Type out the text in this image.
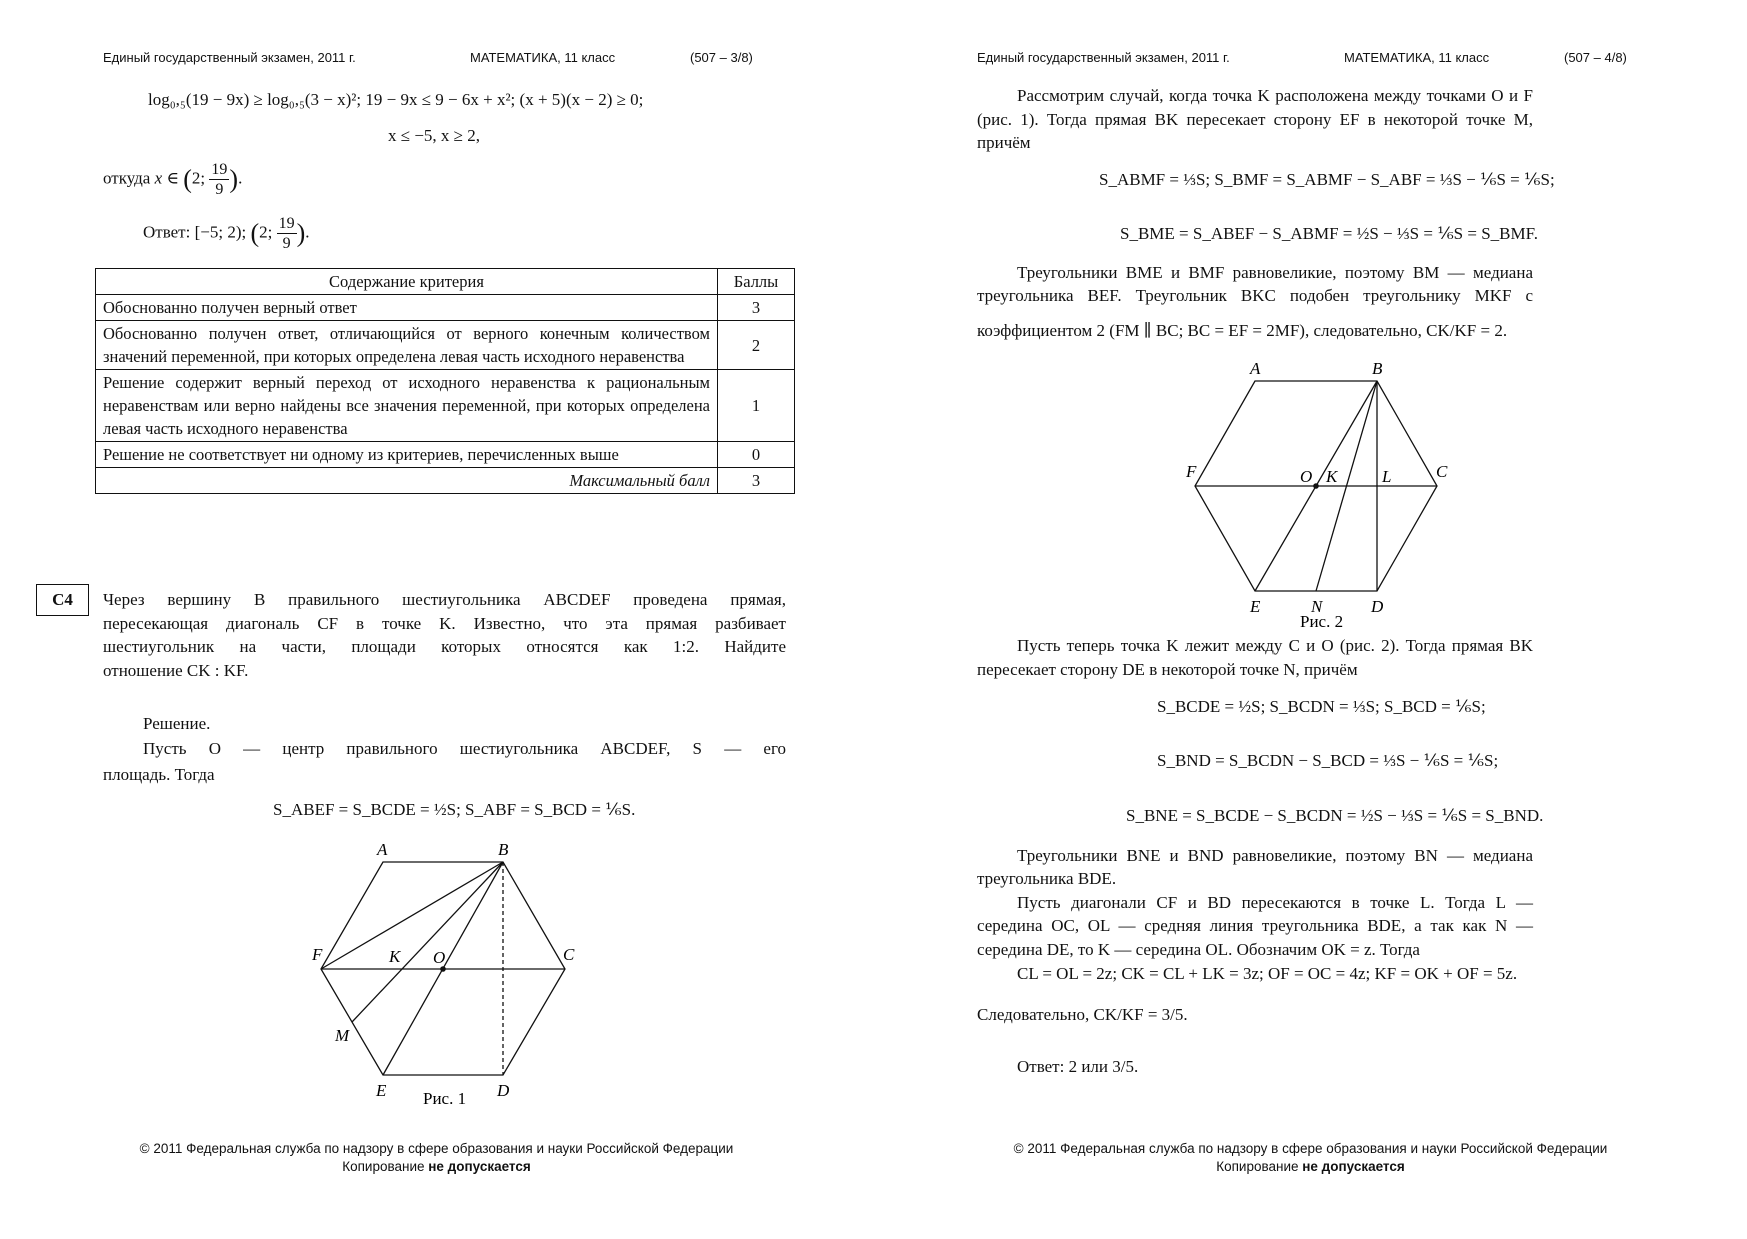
Единый государственный экзамен, 2011 г.	МАТЕМАТИКА, 11 класс	(507 – 3/8)
log₀,₅(19 − 9x) ≥ log₀,₅(3 − x)²; 19 − 9x ≤ 9 − 6x + x²; (x + 5)(x − 2) ≥ 0;
x ≤ −5, x ≥ 2,
откуда x ∈ (2; $\frac{19}{9}$ ).
Ответ: [−5; 2); (2; $\frac{19}{9}$ ).
Содержание критерия	Баллы
Обоснованно получен верный ответ	3
Обоснованно получен ответ, отличающийся от верного конечным количеством значений переменной, при которых определена левая часть исходного неравенства	2
Решение содержит верный переход от исходного неравенства к рациональным неравенствам или верно найдены все значения переменной, при которых определена левая часть исходного неравенства	1
Решение не соответствует ни одному из критериев, перечисленных выше	0
Максимальный балл	3
С4	Через вершину B правильного шестиугольника ABCDEF проведена прямая,
пересекающая диагональ CF в точке K. Известно, что эта прямая разбивает
шестиугольник на части, площади которых относятся как 1:2. Найдите
отношение CK : KF.
Решение.
Пусть O — центр правильного шестиугольника ABCDEF, S — его
площадь. Тогда
S_ABEF = S_BCDE = ½S; S_ABF = S_BCD = ⅙S.
A	B
C
D
E
F	K O
M
Рис. 1
© 2011 Федеральная служба по надзору в сфере образования и науки Российской Федерации
Копирование не допускается
Единый государственный экзамен, 2011 г.	МАТЕМАТИКА, 11 класс	(507 – 4/8)
Рассмотрим случай, когда точка K расположена между точками O и F
(рис. 1). Тогда прямая BK пересекает сторону EF в некоторой точке M,
причём
S_ABMF = ⅓S; S_BMF = S_ABMF − S_ABF = ⅓S − ⅙S = ⅙S;
S_BME = S_ABEF − S_ABMF = ½S − ⅓S = ⅙S = S_BMF.
Треугольники BME и BMF равновеликие, поэтому BM — медиана
треугольника BEF. Треугольник BKC подобен треугольнику MKF с
коэффициентом 2 (FM ∥ BC; BC = EF = 2MF), следовательно, CK/KF = 2.
A	B
C
D
E
F	O K	L
N
Рис. 2
Пусть теперь точка K лежит между C и O (рис. 2). Тогда прямая BK
пересекает сторону DE в некоторой точке N, причём
S_BCDE = ½S; S_BCDN = ⅓S; S_BCD = ⅙S;
S_BND = S_BCDN − S_BCD = ⅓S − ⅙S = ⅙S;
S_BNE = S_BCDE − S_BCDN = ½S − ⅓S = ⅙S = S_BND.
Треугольники BNE и BND равновеликие, поэтому BN — медиана
треугольника BDE.
Пусть диагонали CF и BD пересекаются в точке L. Тогда L —
середина OC, OL — средняя линия треугольника BDE, а так как N —
середина DE, то K — середина OL. Обозначим OK = z. Тогда
CL = OL = 2z; CK = CL + LK = 3z; OF = OC = 4z; KF = OK + OF = 5z.
Следовательно, CK/KF = 3/5.
Ответ: 2 или 3/5.
© 2011 Федеральная служба по надзору в сфере образования и науки Российской Федерации
Копирование не допускается
